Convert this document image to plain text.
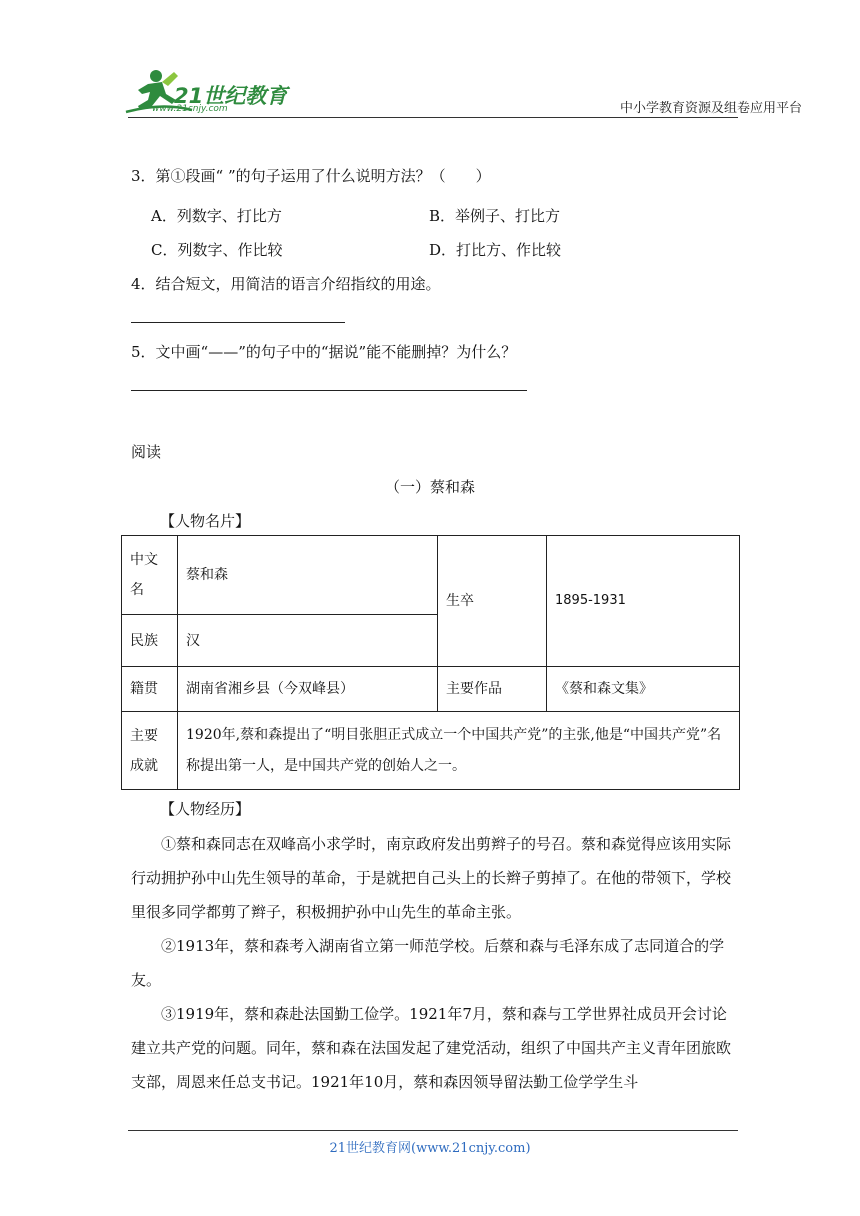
21世纪教育
www.21cnjy.com	中小学教育资源及组卷应用平台
3．第①段画“ ”的句子运用了什么说明方法？（　　）
A．列数字、打比方	B．举例子、打比方
C．列数字、作比较	D．打比方、作比较
4．结合短文，用简洁的语言介绍指纹的用途。
5．文中画“——”的句子中的“据说”能不能删掉？为什么？
阅读
（一）蔡和森
【人物名片】
中文名	蔡和森	生卒	1895-1931
民族	汉		
籍贯	湖南省湘乡县（今双峰县）	主要作品	《蔡和森文集》
主要成就	1920年,蔡和森提出了“明目张胆正式成立一个中国共产党”的主张,他是“中国共产党”名称提出第一人，是中国共产党的创始人之一。		
【人物经历】
①蔡和森同志在双峰高小求学时，南京政府发出剪辫子的号召。蔡和森觉得应该用实际行动拥护孙中山先生领导的革命，于是就把自己头上的长辫子剪掉了。在他的带领下，学校里很多同学都剪了辫子，积极拥护孙中山先生的革命主张。
②1913年，蔡和森考入湖南省立第一师范学校。后蔡和森与毛泽东成了志同道合的学友。
③1919年，蔡和森赴法国勤工俭学。1921年7月，蔡和森与工学世界社成员开会讨论建立共产党的问题。同年，蔡和森在法国发起了建党活动，组织了中国共产主义青年团旅欧支部，周恩来任总支书记。1921年10月，蔡和森因领导留法勤工俭学学生斗
21世纪教育网(www.21cnjy.com)
